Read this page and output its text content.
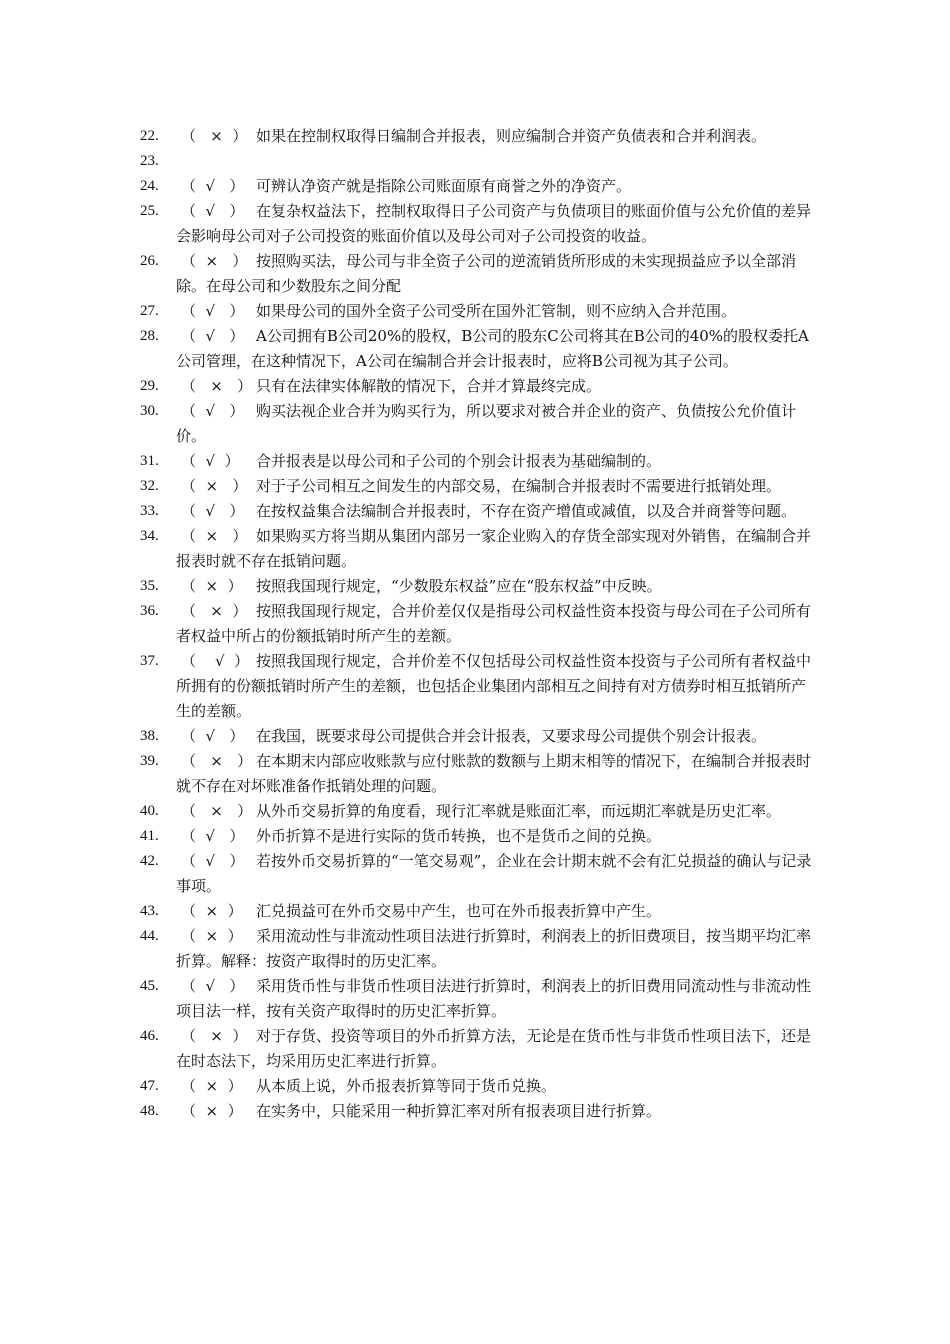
22.	（   ×  ） 如果在控制权取得日编制合并报表，则应编制合并资产负债表和合并利润表。
23.
24.	（  √   ） 可辨认净资产就是指除公司账面原有商誉之外的净资产。
25.	（  √   ） 在复杂权益法下，控制权取得日子公司资产与负债项目的账面价值与公允价值的差异会影响母公司对子公司投资的账面价值以及母公司对子公司投资的收益。
26.	（  ×   ） 按照购买法，母公司与非全资子公司的逆流销货所形成的未实现损益应予以全部消除。在母公司和少数股东之间分配
27.	（  √   ） 如果母公司的国外全资子公司受所在国外汇管制，则不应纳入合并范围。
28.	（  √   ） A公司拥有B公司20%的股权，B公司的股东C公司将其在B公司的40%的股权委托A公司管理，在这种情况下，A公司在编制合并会计报表时，应将B公司视为其子公司。
29.	（   ×   ） 只有在法律实体解散的情况下，合并才算最终完成。
30.	（  √   ） 购买法视企业合并为购买行为，所以要求对被合并企业的资产、负债按公允价值计价。
31.	（  √  ）	合并报表是以母公司和子公司的个别会计报表为基础编制的。
32.	（  ×   ） 对于子公司相互之间发生的内部交易，在编制合并报表时不需要进行抵销处理。
33.	（  √   ） 在按权益集合法编制合并报表时，不存在资产增值或减值，以及合并商誉等问题。
34.	（  ×   ） 如果购买方将当期从集团内部另一家企业购入的存货全部实现对外销售，在编制合并报表时就不存在抵销问题。
35.	（  ×  ） 按照我国现行规定，“少数股东权益”应在“股东权益”中反映。
36.	（   ×  ） 按照我国现行规定，合并价差仅仅是指母公司权益性资本投资与母公司在子公司所有者权益中所占的份额抵销时所产生的差额。
37.	（    √  ） 按照我国现行规定，合并价差不仅包括母公司权益性资本投资与子公司所有者权益中所拥有的份额抵销时所产生的差额，也包括企业集团内部相互之间持有对方债券时相互抵销所产生的差额。
38.	（  √   ） 在我国，既要求母公司提供合并会计报表，又要求母公司提供个别会计报表。
39.	（   ×   ） 在本期末内部应收账款与应付账款的数额与上期末相等的情况下，在编制合并报表时就不存在对坏账准备作抵销处理的问题。
40.	（   ×   ） 从外币交易折算的角度看，现行汇率就是账面汇率，而远期汇率就是历史汇率。
41.	（  √   ） 外币折算不是进行实际的货币转换，也不是货币之间的兑换。
42.	（  √   ） 若按外币交易折算的“一笔交易观”，企业在会计期末就不会有汇兑损益的确认与记录事项。
43.	（  ×  ） 汇兑损益可在外币交易中产生，也可在外币报表折算中产生。
44.	（  ×  ） 采用流动性与非流动性项目法进行折算时，利润表上的折旧费项目，按当期平均汇率折算。解释：按资产取得时的历史汇率。
45.	（  √   ） 采用货币性与非货币性项目法进行折算时，利润表上的折旧费用同流动性与非流动性项目法一样，按有关资产取得时的历史汇率折算。
46.	（   ×  ） 对于存货、投资等项目的外币折算方法，无论是在货币性与非货币性项目法下，还是在时态法下，均采用历史汇率进行折算。
47.	（  ×  ） 从本质上说，外币报表折算等同于货币兑换。
48.	（  ×  ） 在实务中，只能采用一种折算汇率对所有报表项目进行折算。
